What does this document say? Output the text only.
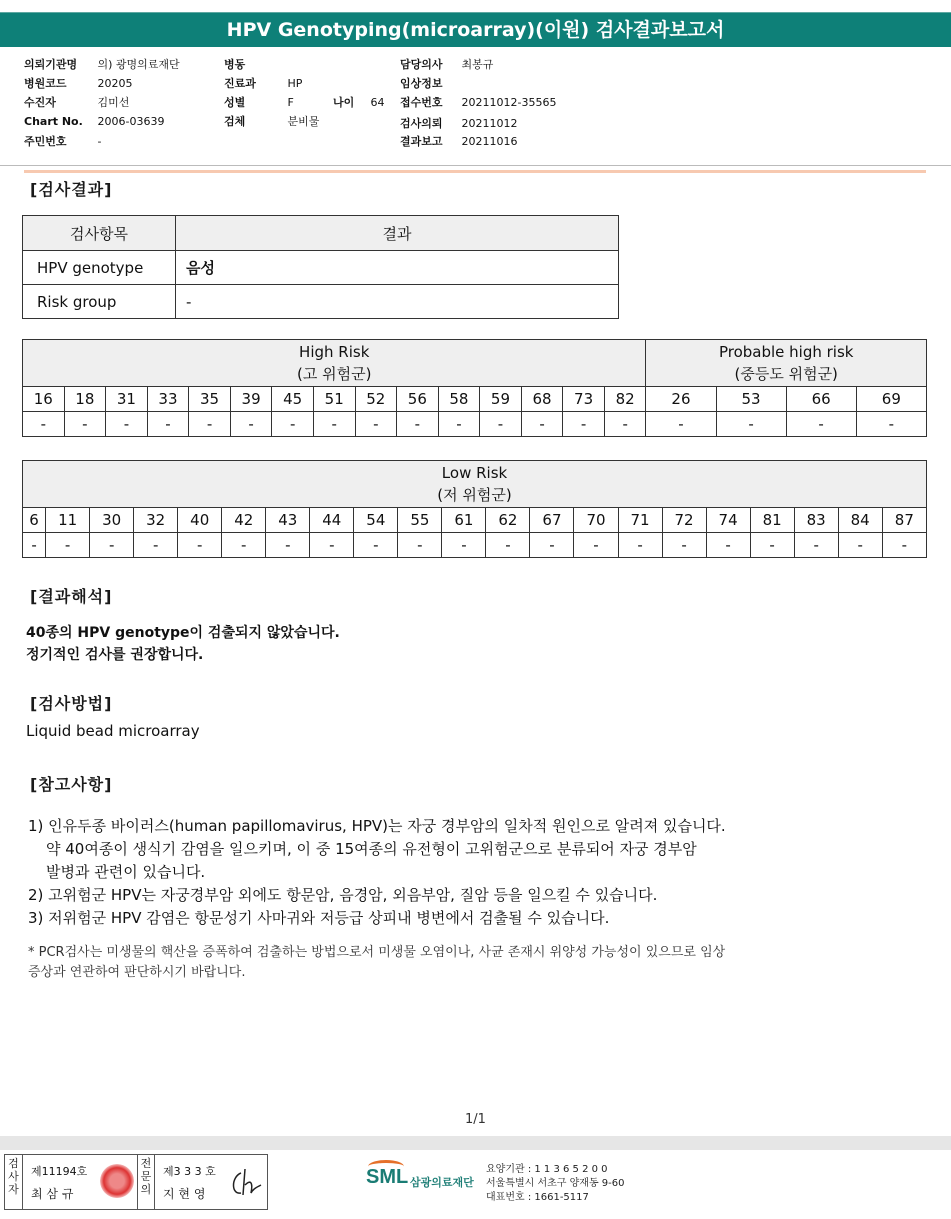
HPV Genotyping(microarray)(이원) 검사결과보고서
의뢰기관명 의) 광명의료재단
병원코드	20205
수진자	김미선
Chart No. 2006-03639
주민번호	-
병동
진료과	HP
성별	F	나이 64
검체	분비물
담당의사 최봉규
임상정보
접수번호 20211012-35565
검사의뢰 20211012
결과보고 20211016
[검사결과]
검사항목	결과
HPV genotype	음성
Risk group	-
High Risk
(고 위험군)															Probable high risk
(중등도 위험군)			
16	18	31	33	35	39	45	51	52	56	58	59	68	73	82	26	53	66	69
-	-	-	-	-	-	-	-	-	-	-	-	-	-	-	-	-	-	-
Low Risk
(저 위험군)																				
6	11	30	32	40	42	43	44	54	55	61	62	67	70	71	72	74	81	83	84	87
-	-	-	-	-	-	-	-	-	-	-	-	-	-	-	-	-	-	-	-	-
[결과해석]
40종의 HPV genotype이 검출되지 않았습니다.
정기적인 검사를 권장합니다.
[검사방법]
Liquid bead microarray
[참고사항]
1) 인유두종 바이러스(human papillomavirus, HPV)는 자궁 경부암의 일차적 원인으로 알려져 있습니다.
약 40여종이 생식기 감염을 일으키며, 이 중 15여종의 유전형이 고위험군으로 분류되어 자궁 경부암
발병과 관련이 있습니다.
2) 고위험군 HPV는 자궁경부암 외에도 항문암, 음경암, 외음부암, 질암 등을 일으킬 수 있습니다.
3) 저위험군 HPV 감염은 항문성기 사마귀와 저등급 상피내 병변에서 검출될 수 있습니다.
* PCR검사는 미생물의 핵산을 증폭하여 검출하는 방법으로서 미생물 오염이나, 사균 존재시 위양성 가능성이 있으므로 임상
증상과 연관하여 판단하시기 바랍니다.
1/1
검사자
제11194호
최 삼 규
전문의
제3 3 3 호
지 현 영
SML 삼광의료재단
요양기관 : 1 1 3 6 5 2 0 0
서울특별시 서초구 양재동 9-60
대표번호 : 1661-5117
